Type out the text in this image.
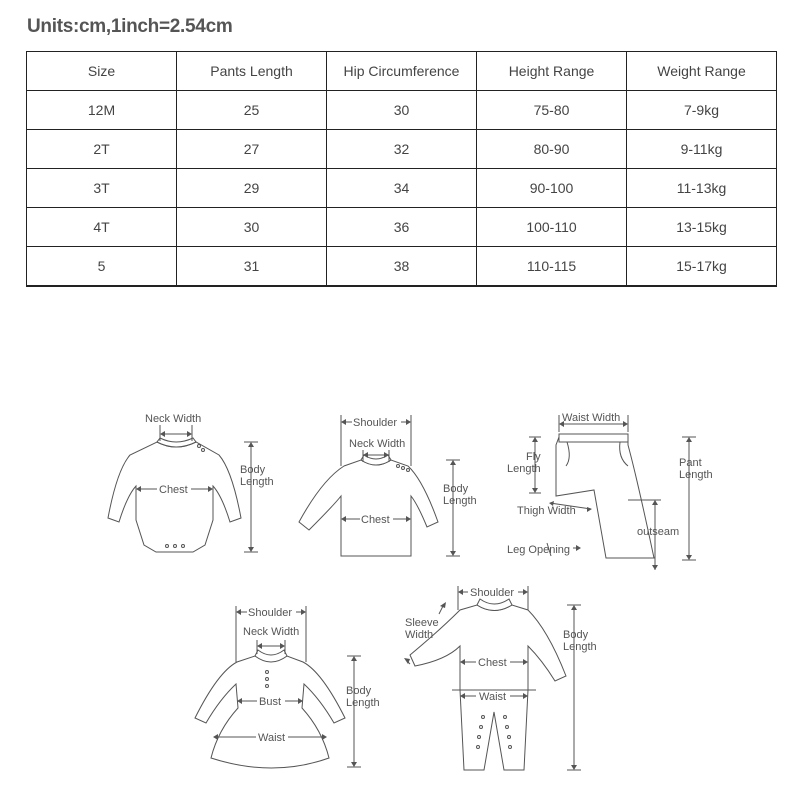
Units:cm,1inch=2.54cm
Size	Pants Length	Hip Circumference	Height Range	Weight Range
12M	25	30	75-80	7-9kg
2T	27	32	80-90	9-11kg
3T	29	34	90-100	11-13kg
4T	30	36	100-110	13-15kg
5	31	38	110-115	15-17kg
Neck Width
Chest
Body
Length
Shoulder
Neck Width
Chest
Body
Length
Waist Width
Fly
Length	Pant
Length
Thigh Width
outseam
Leg Opening
Shoulder
Neck Width
Bust
Waist
Body
Length
Shoulder
Sleeve
Width
Chest
Waist
Body
Length
